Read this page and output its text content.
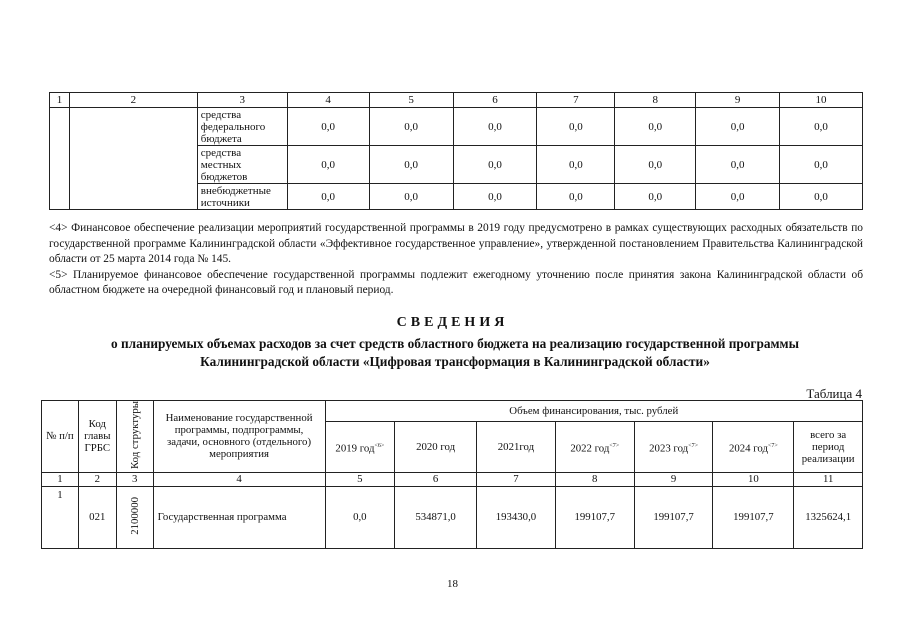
1	2	3	4	5	6	7	8	9	10

		средства
федерального
бюджета	0,0	0,0	0,0	0,0	0,0	0,0	0,0

		средства
местных
бюджетов	0,0	0,0	0,0	0,0	0,0	0,0	0,0

		внебюджетные
источники	0,0	0,0	0,0	0,0	0,0	0,0	0,0

<4> Финансовое обеспечение реализации мероприятий государственной программы в 2019 году предусмотрено в рамках существующих расходных обязательств по государственной программе Калининградской области «Эффективное государственное управление», утвержденной постановлением Правительства Калининградской области от 25 марта 2014 года № 145.

<5> Планируемое финансовое обеспечение государственной программы подлежит ежегодному уточнению после принятия закона Калининградской области об областном бюджете на очередной финансовый год и плановый период.

СВЕДЕНИЯ
о планируемых объемах расходов за счет средств областного бюджета на реализацию государственной программы
Калининградской области «Цифровая трансформация в Калининградской области»
Таблица 4
№ п/п	Код главы ГРБС	Код структуры	Наименование государственной программы, подпрограммы, задачи, основного (отдельного) мероприятия	Объем финансирования, тыс. рублей						
				2019 год$^{<6>}$	2020 год	2021год	2022 год$^{<7>}$	2023 год$^{<7>}$	2024 год$^{<7>}$	всего за период реализации
1	2	3	4	5	6	7	8	9	10	11
1	021	2100000	Государственная программа	0,0	534871,0	193430,0	199107,7	199107,7	199107,7	1325624,1
18
